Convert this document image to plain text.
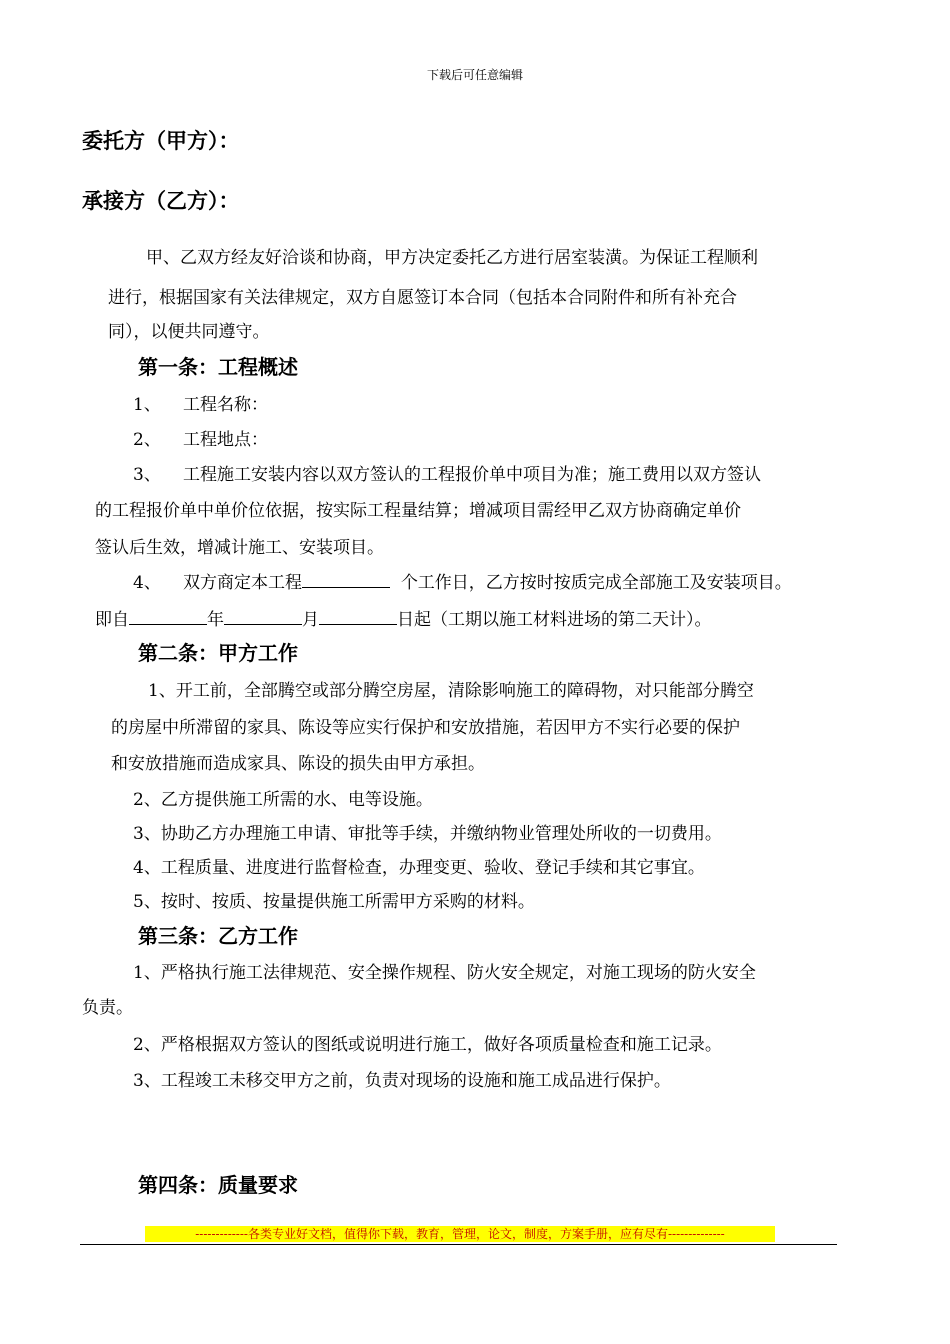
下载后可任意编辑
委托方（甲方）：
承接方（乙方）：
甲、乙双方经友好洽谈和协商，甲方决定委托乙方进行居室装潢。为保证工程顺利
进行，根据国家有关法律规定，双方自愿签订本合同（包括本合同附件和所有补充合
同），以便共同遵守。
第一条：工程概述
1、 工程名称：
2、 工程地点：
3、 工程施工安装内容以双方签认的工程报价单中项目为准；施工费用以双方签认
的工程报价单中单价位依据，按实际工程量结算；增减项目需经甲乙双方协商确定单价
签认后生效，增减计施工、安装项目。
4、 双方商定本工程	个工作日，乙方按时按质完成全部施工及安装项目。
即自	年	月	日起（工期以施工材料进场的第二天计）。
第二条：甲方工作
1、开工前，全部腾空或部分腾空房屋，清除影响施工的障碍物，对只能部分腾空
的房屋中所滞留的家具、陈设等应实行保护和安放措施，若因甲方不实行必要的保护
和安放措施而造成家具、陈设的损失由甲方承担。
2、乙方提供施工所需的水、电等设施。
3、协助乙方办理施工申请、审批等手续，并缴纳物业管理处所收的一切费用。
4、工程质量、进度进行监督检查，办理变更、验收、登记手续和其它事宜。
5、按时、按质、按量提供施工所需甲方采购的材料。
第三条：乙方工作
1、严格执行施工法律规范、安全操作规程、防火安全规定，对施工现场的防火安全
负责。
2、严格根据双方签认的图纸或说明进行施工，做好各项质量检查和施工记录。
3、工程竣工未移交甲方之前，负责对现场的设施和施工成品进行保护。
第四条：质量要求
-------------各类专业好文档，值得你下载，教育，管理，论文，制度，方案手册，应有尽有--------------
